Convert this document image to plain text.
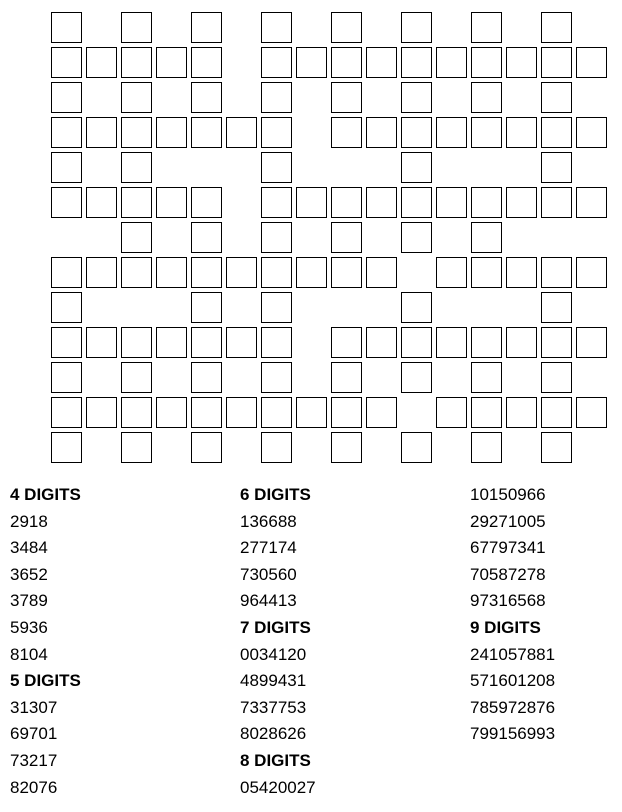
4 DIGITS
2918
3484
3652
3789
5936
8104
5 DIGITS
31307
69701
73217
82076
6 DIGITS
136688
277174
730560
964413
7 DIGITS
0034120
4899431
7337753
8028626
8 DIGITS
05420027
10150966
29271005
67797341
70587278
97316568
9 DIGITS
241057881
571601208
785972876
799156993
